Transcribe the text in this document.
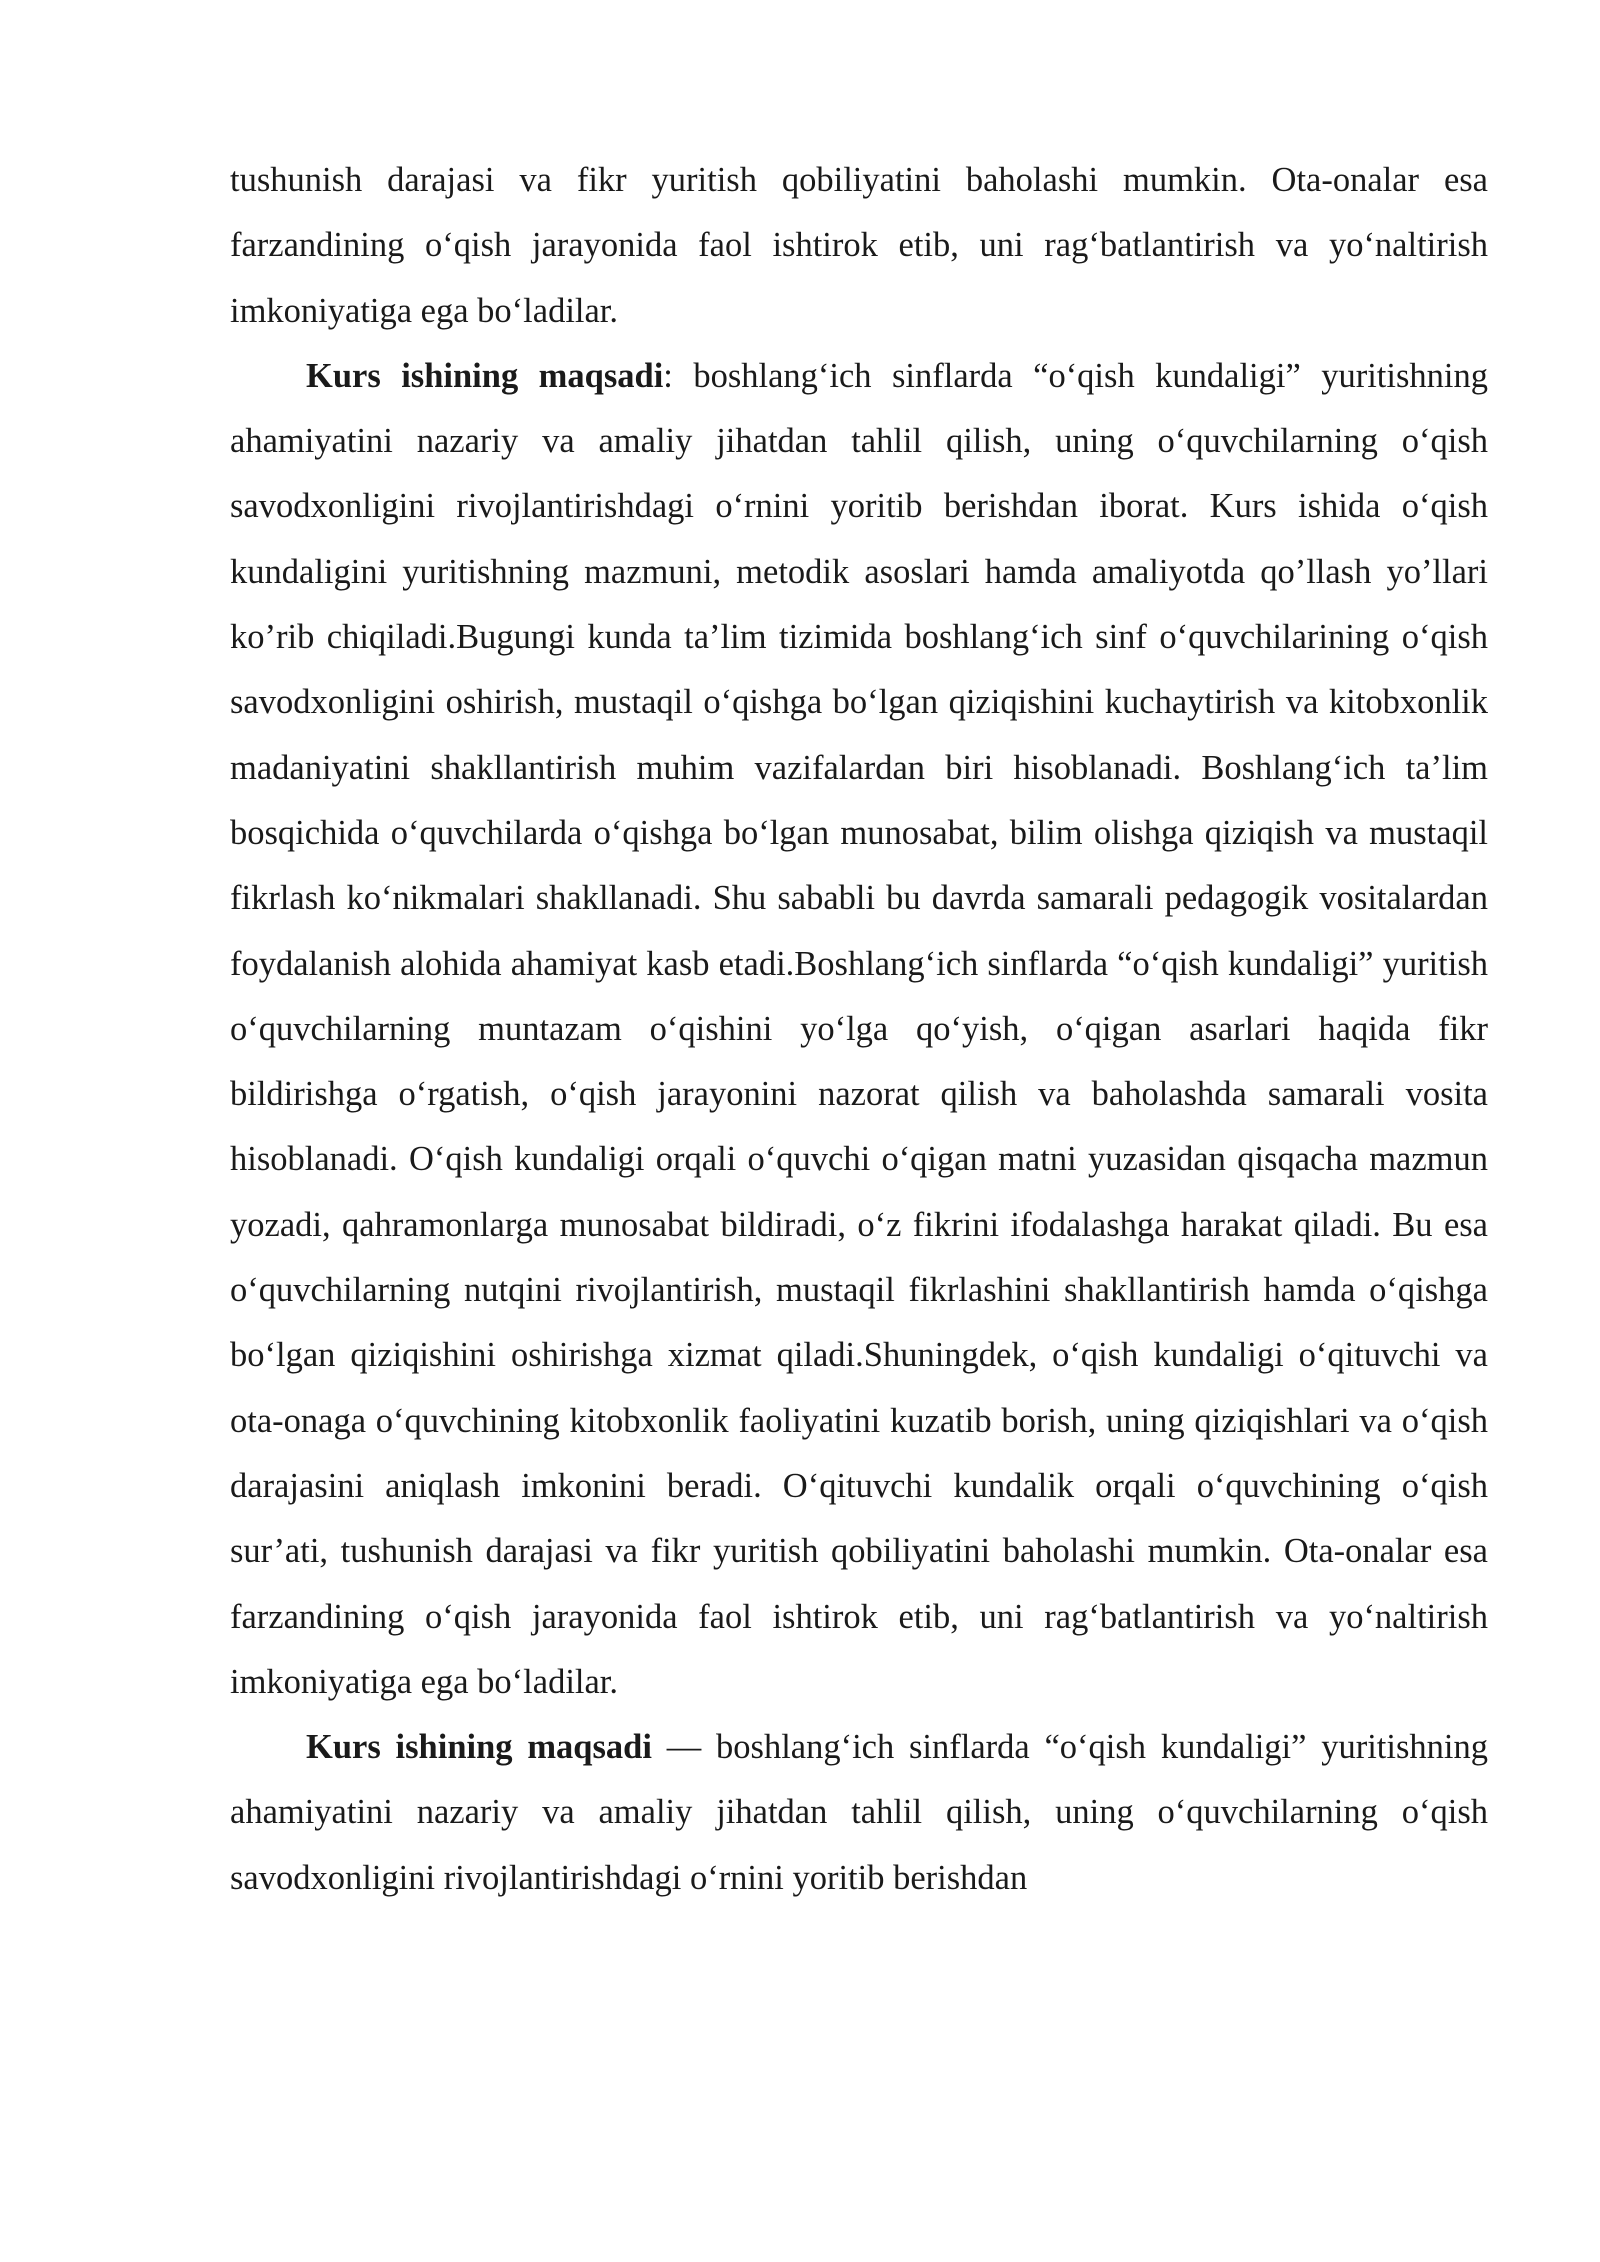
tushunish darajasi va fikr yuritish qobiliyatini baholashi mumkin. Ota-onalar esa farzandining o‘qish jarayonida faol ishtirok etib, uni rag‘batlantirish va yo‘naltirish imkoniyatiga ega bo‘ladilar.

Kurs ishining maqsadi: boshlang‘ich sinflarda “o‘qish kundaligi” yuritishning ahamiyatini nazariy va amaliy jihatdan tahlil qilish, uning o‘quvchilarning o‘qish savodxonligini rivojlantirishdagi o‘rnini yoritib berishdan iborat. Kurs ishida o‘qish kundaligini yuritishning mazmuni, metodik asoslari hamda amaliyotda qo’llash yo’llari ko’rib chiqiladi.Bugungi kunda ta’lim tizimida boshlang‘ich sinf o‘quvchilarining o‘qish savodxonligini oshirish, mustaqil o‘qishga bo‘lgan qiziqishini kuchaytirish va kitobxonlik madaniyatini shakllantirish muhim vazifalardan biri hisoblanadi. Boshlang‘ich ta’lim bosqichida o‘quvchilarda o‘qishga bo‘lgan munosabat, bilim olishga qiziqish va mustaqil fikrlash ko‘nikmalari shakllanadi. Shu sababli bu davrda samarali pedagogik vositalardan foydalanish alohida ahamiyat kasb etadi.Boshlang‘ich sinflarda “o‘qish kundaligi” yuritish o‘quvchilarning muntazam o‘qishini yo‘lga qo‘yish, o‘qigan asarlari haqida fikr bildirishga o‘rgatish, o‘qish jarayonini nazorat qilish va baholashda samarali vosita hisoblanadi. O‘qish kundaligi orqali o‘quvchi o‘qigan matni yuzasidan qisqacha mazmun yozadi, qahramonlarga munosabat bildiradi, o‘z fikrini ifodalashga harakat qiladi. Bu esa o‘quvchilarning nutqini rivojlantirish, mustaqil fikrlashini shakllantirish hamda o‘qishga bo‘lgan qiziqishini oshirishga xizmat qiladi.Shuningdek, o‘qish kundaligi o‘qituvchi va ota-onaga o‘quvchining kitobxonlik faoliyatini kuzatib borish, uning qiziqishlari va o‘qish darajasini aniqlash imkonini beradi. O‘qituvchi kundalik orqali o‘quvchining o‘qish sur’ati, tushunish darajasi va fikr yuritish qobiliyatini baholashi mumkin. Ota-onalar esa farzandining o‘qish jarayonida faol ishtirok etib, uni rag‘batlantirish va yo‘naltirish imkoniyatiga ega bo‘ladilar.

Kurs ishining maqsadi — boshlang‘ich sinflarda “o‘qish kundaligi” yuritishning ahamiyatini nazariy va amaliy jihatdan tahlil qilish, uning o‘quvchilarning o‘qish savodxonligini rivojlantirishdagi o‘rnini yoritib berishdan
